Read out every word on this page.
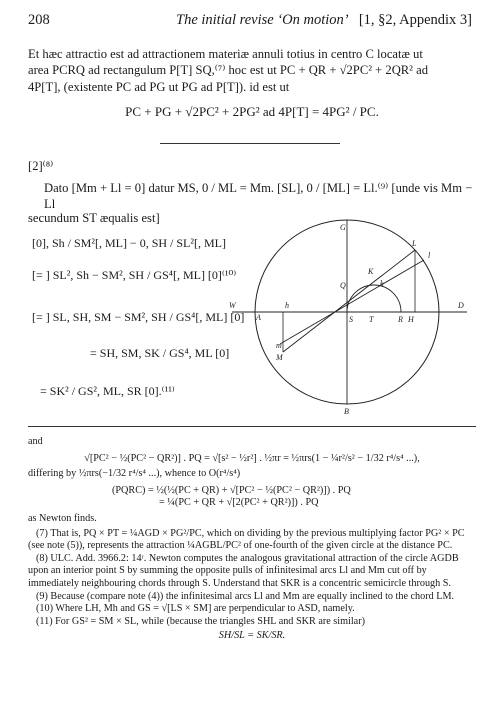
208	The initial revise ‘On motion’ [1, §2, Appendix 3]
Et hæc attractio est ad attractionem materiæ annuli totius in centro C locatæ ut
area PCRQ ad rectangulum P[T] SQ,⁽⁷⁾ hoc est ut PC + QR + √2PC² + 2QR² ad
4P[T], (existente PC ad PG ut PG ad P[T]). id est ut
PC + PG + √2PC² + 2PG² ad 4P[T] = 4PG² / PC.
[2]⁽⁸⁾
Dato [Mm + Ll = 0] datur MS, 0 / ML = Mm. [SL], 0 / [ML] = Ll.⁽⁹⁾ [unde vis Mm − Ll
secundum ST æqualis est]
[0], Sh / SM²[, ML] − 0, SH / SL²[, ML]
[= ] SL², Sh − SM², SH / GS⁴[, ML] [0]⁽¹⁰⁾
[= ] SL, SH, SM − SM², SH / GS⁴[, ML] [0]
= SH, SM, SK / GS⁴, ML [0]
= SK² / GS², ML, SR [0].⁽¹¹⁾
G
L
l
K
k
Q
W
A
h
S T	R H
D
m
M
B

and

√[PC² − ½(PC² − QR²)] . PQ = √[s² − ½r²] . ½πr = ½πrs(1 − ¼r²/s² − 1/32 r⁴/s⁴ ...),

differing by ½πrs(−1/32 r⁴/s⁴ ...), whence to O(r⁴/s⁴)

(PQRC) = ½(½(PC + QR) + √[PC² − ½(PC² − QR²)]) . PQ

= ¼(PC + QR + √[2(PC² + QR²)]) . PQ

as Newton finds.

(7) That is, PQ × PT = ¼AGD × PG²/PC, which on dividing by the previous multiplying factor PG² × PC (see note (5)), represents the attraction ¼AGBL/PC² of one-fourth of the given circle at the distance PC.

(8) ULC. Add. 3966.2: 14ʳ. Newton computes the analogous gravitational attraction of the circle AGDB upon an interior point S by summing the opposite pulls of infinitesimal arcs Ll and Mm cut off by immediately neighbouring chords through S. Understand that SKR is a concentric semicircle through S.

(9) Because (compare note (4)) the infinitesimal arcs Ll and Mm are equally inclined to the chord LM.

(10) Where LH, Mh and GS = √[LS × SM] are perpendicular to ASD, namely.

(11) For GS² = SM × SL, while (because the triangles SHL and SKR are similar)

SH/SL = SK/SR.
